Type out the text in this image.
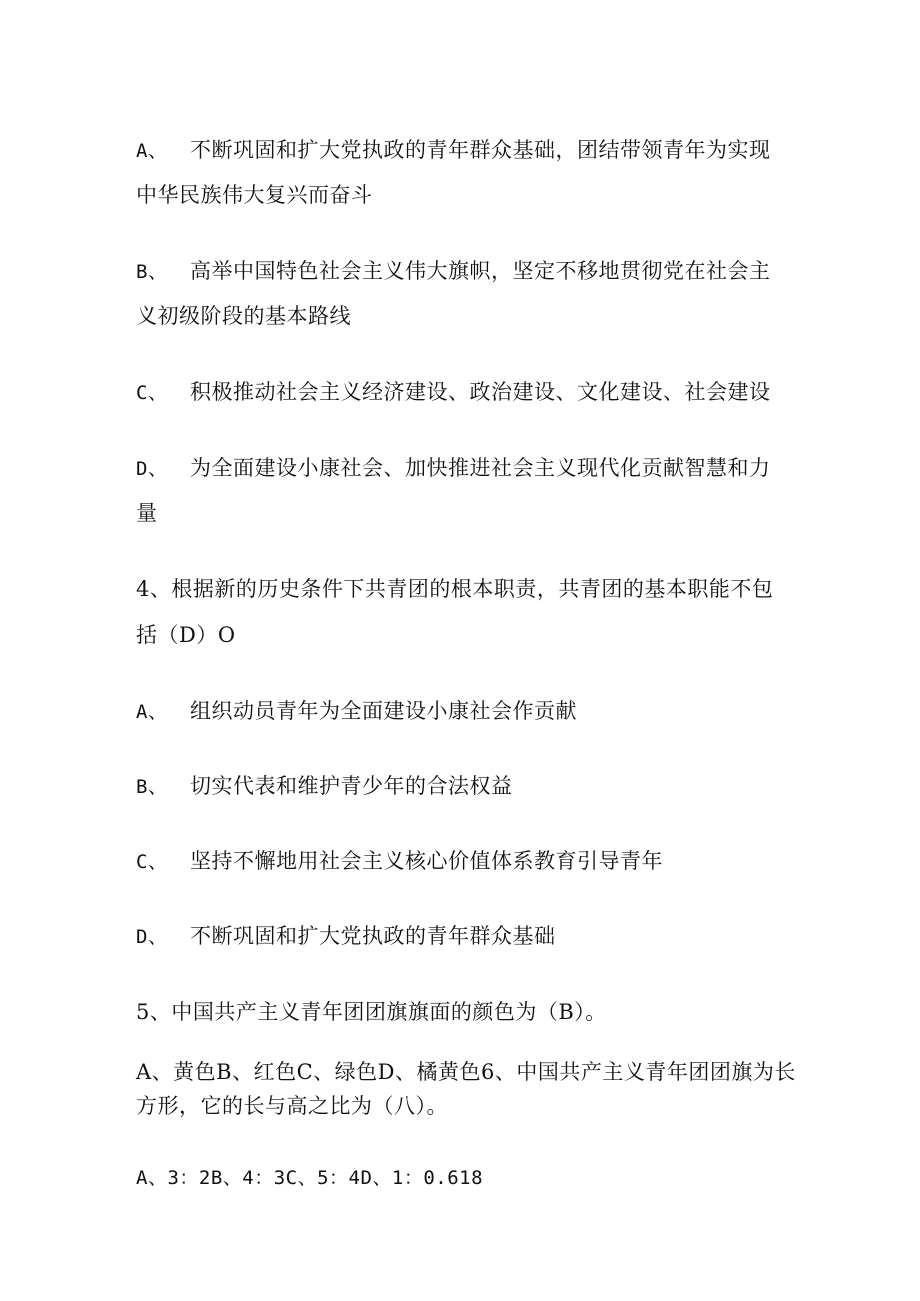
A、 不断巩固和扩大党执政的青年群众基础，团结带领青年为实现
中华民族伟大复兴而奋斗
B、 高举中国特色社会主义伟大旗帜，坚定不移地贯彻党在社会主
义初级阶段的基本路线
C、 积极推动社会主义经济建设、政治建设、文化建设、社会建设
D、 为全面建设小康社会、加快推进社会主义现代化贡献智慧和力
量
4、根据新的历史条件下共青团的根本职责，共青团的基本职能不包
括（D）O
A、 组织动员青年为全面建设小康社会作贡献
B、 切实代表和维护青少年的合法权益
C、 坚持不懈地用社会主义核心价值体系教育引导青年
D、 不断巩固和扩大党执政的青年群众基础
5、中国共产主义青年团团旗旗面的颜色为（B）。
A、黄色B、红色C、绿色D、橘黄色6、中国共产主义青年团团旗为长
方形，它的长与高之比为（八）。
A、3：2B、4：3C、5：4D、1：0.618
